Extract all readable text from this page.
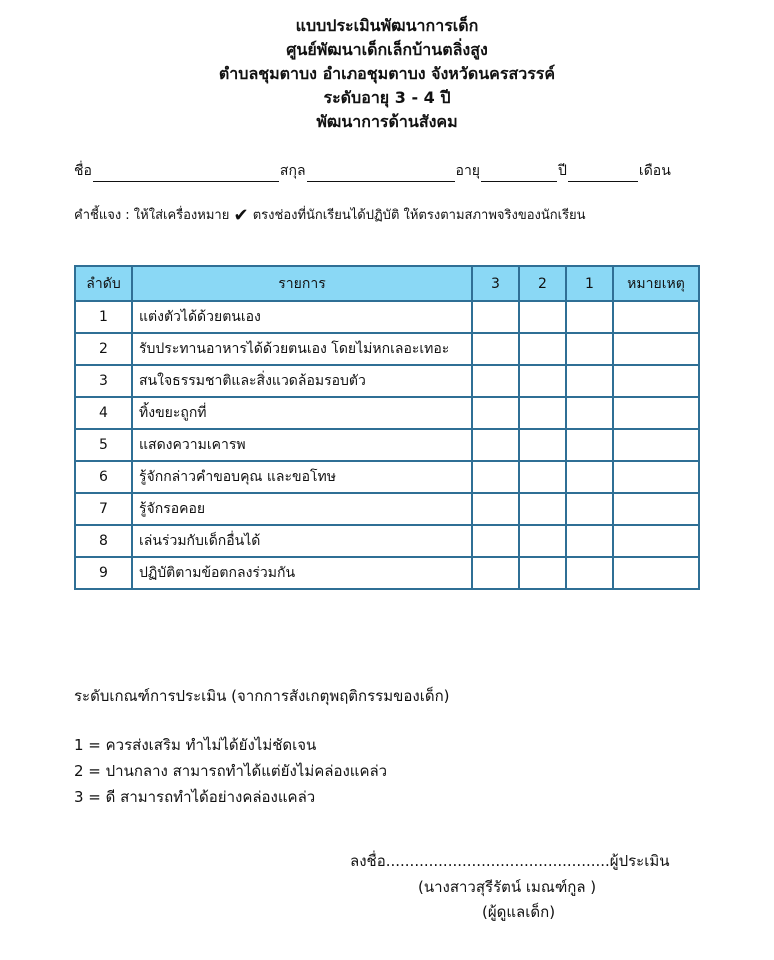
แบบประเมินพัฒนาการเด็ก
ศูนย์พัฒนาเด็กเล็กบ้านตลิ่งสูง
ตำบลชุมตาบง อำเภอชุมตาบง จังหวัดนครสวรรค์
ระดับอายุ 3 - 4 ปี
พัฒนาการด้านสังคม
ชื่อ	สกุล	อายุ	ปี	เดือน
คำชี้แจง : ให้ใส่เครื่องหมาย ✔ ตรงช่องที่นักเรียนได้ปฏิบัติ ให้ตรงตามสภาพจริงของนักเรียน
ลำดับ	รายการ	3	2	1	หมายเหตุ
1	แต่งตัวได้ด้วยตนเอง				
2	รับประทานอาหารได้ด้วยตนเอง โดยไม่หกเลอะเทอะ				
3	สนใจธรรมชาติและสิ่งแวดล้อมรอบตัว				
4	ทิ้งขยะถูกที่				
5	แสดงความเคารพ				
6	รู้จักกล่าวคำขอบคุณ และขอโทษ				
7	รู้จักรอคอย				
8	เล่นร่วมกับเด็กอื่นได้				
9	ปฏิบัติตามข้อตกลงร่วมกัน				
ระดับเกณฑ์การประเมิน (จากการสังเกตุพฤติกรรมของเด็ก)
1 = ควรส่งเสริม ทำไม่ได้ยังไม่ชัดเจน
2 = ปานกลาง สามารถทำได้แต่ยังไม่คล่องแคล่ว
3 = ดี สามารถทำได้อย่างคล่องแคล่ว
ลงชื่อ...............................................ผู้ประเมิน
(นางสาวสุรีรัตน์ เมณฑ์กูล )
(ผู้ดูแลเด็ก)
